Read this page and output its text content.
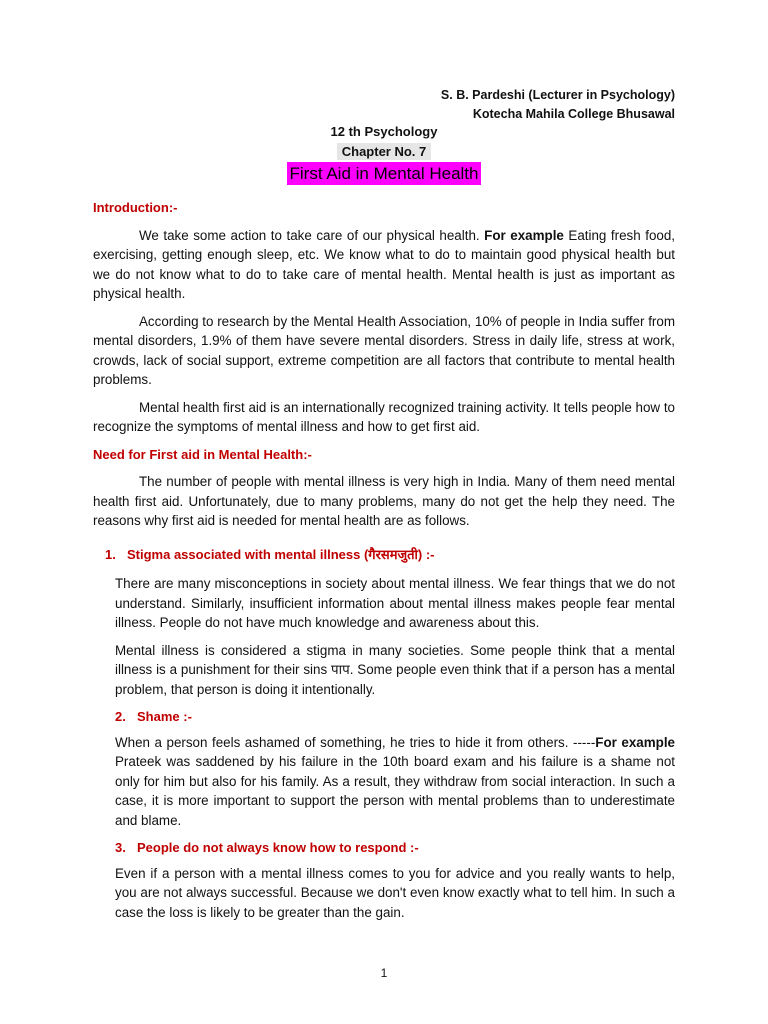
S. B. Pardeshi (Lecturer in Psychology)
Kotecha Mahila College Bhusawal
12 th Psychology
Chapter No. 7
First Aid in Mental Health
Introduction:-

We take some action to take care of our physical health. For example Eating fresh food, exercising, getting enough sleep, etc. We know what to do to maintain good physical health but we do not know what to do to take care of mental health. Mental health is just as important as physical health.

According to research by the Mental Health Association, 10% of people in India suffer from mental disorders, 1.9% of them have severe mental disorders. Stress in daily life, stress at work, crowds, lack of social support, extreme competition are all factors that contribute to mental health problems.

Mental health first aid is an internationally recognized training activity. It tells people how to recognize the symptoms of mental illness and how to get first aid.

Need for First aid in Mental Health:-

The number of people with mental illness is very high in India. Many of them need mental health first aid. Unfortunately, due to many problems, many do not get the help they need. The reasons why first aid is needed for mental health are as follows.

1. Stigma associated with mental illness (गैरसमजुती) :-

There are many misconceptions in society about mental illness. We fear things that we do not understand. Similarly, insufficient information about mental illness makes people fear mental illness. People do not have much knowledge and awareness about this.

Mental illness is considered a stigma in many societies. Some people think that a mental illness is a punishment for their sins पाप. Some people even think that if a person has a mental problem, that person is doing it intentionally.

2. Shame :-

When a person feels ashamed of something, he tries to hide it from others. -----For example Prateek was saddened by his failure in the 10th board exam and his failure is a shame not only for him but also for his family. As a result, they withdraw from social interaction. In such a case, it is more important to support the person with mental problems than to underestimate and blame.

3. People do not always know how to respond :-

Even if a person with a mental illness comes to you for advice and you really wants to help, you are not always successful. Because we don't even know exactly what to tell him. In such a case the loss is likely to be greater than the gain.

1
